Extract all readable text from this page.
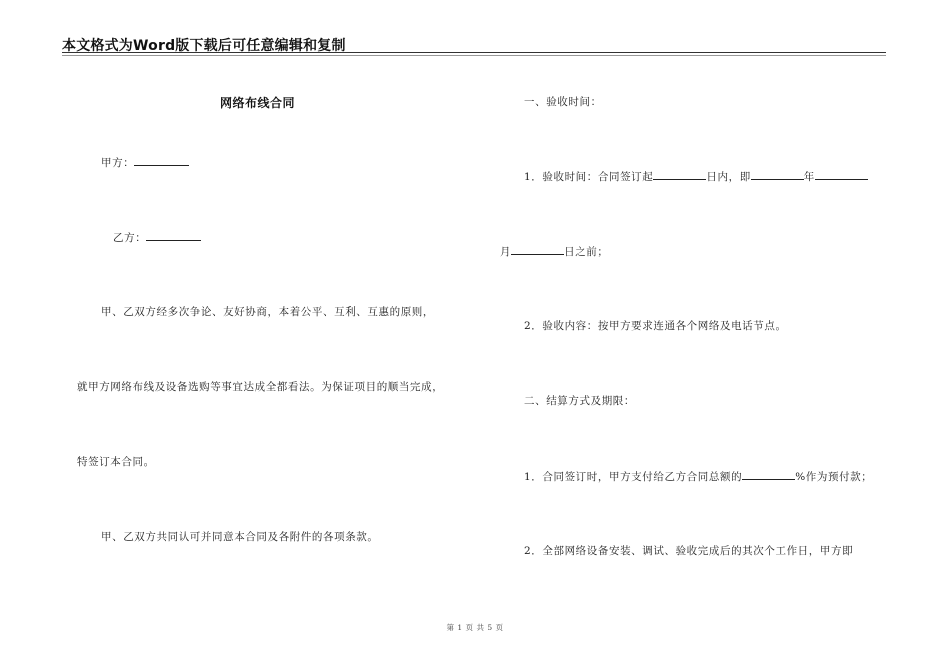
本文格式为Word版下载后可任意编辑和复制
网络布线合同
甲方：
乙方：
甲、乙双方经多次争论、友好协商，本着公平、互利、互惠的原则，
就甲方网络布线及设备选购等事宜达成全都看法。为保证项目的顺当完成，
特签订本合同。
甲、乙双方共同认可并同意本合同及各附件的各项条款。
一、验收时间：
1．验收时间：合同签订起	日内，即	年
月	日之前；
2．验收内容：按甲方要求连通各个网络及电话节点。
二、结算方式及期限：
1．合同签订时，甲方支付给乙方合同总额的	%作为预付款；
2．全部网络设备安装、调试、验收完成后的其次个工作日，甲方即
第 1 页 共 5 页
